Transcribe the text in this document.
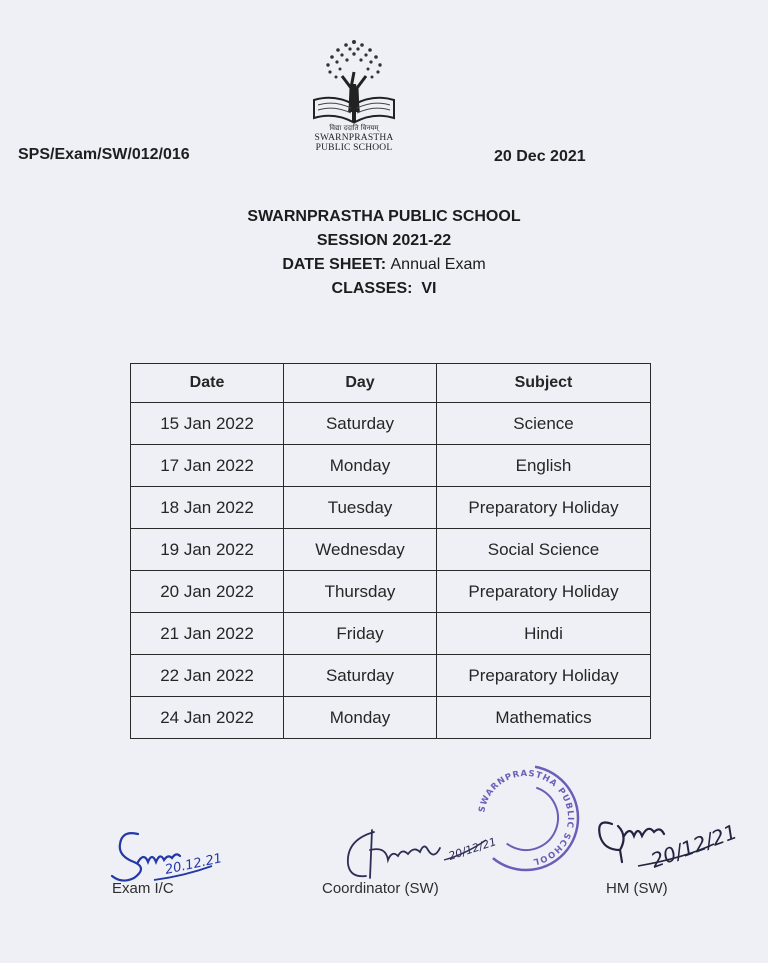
विद्या ददाति विनयम्
SWARNPRASTHA
PUBLIC SCHOOL
SPS/Exam/SW/012/016	20 Dec 2021
SWARNPRASTHA PUBLIC SCHOOL
SESSION 2021-22
DATE SHEET: Annual Exam
CLASSES:  VI
Date	Day	Subject
15 Jan 2022	Saturday	Science
17 Jan 2022	Monday	English
18 Jan 2022	Tuesday	Preparatory Holiday
19 Jan 2022	Wednesday	Social Science
20 Jan 2022	Thursday	Preparatory Holiday
21 Jan 2022	Friday	Hindi
22 Jan 2022	Saturday	Preparatory Holiday
24 Jan 2022	Monday	Mathematics
20.12.21
Exam I/C
SWARNPRASTHA PUBLIC SCHOOL
20/12/21
Coordinator (SW)
20/12/21
HM (SW)
